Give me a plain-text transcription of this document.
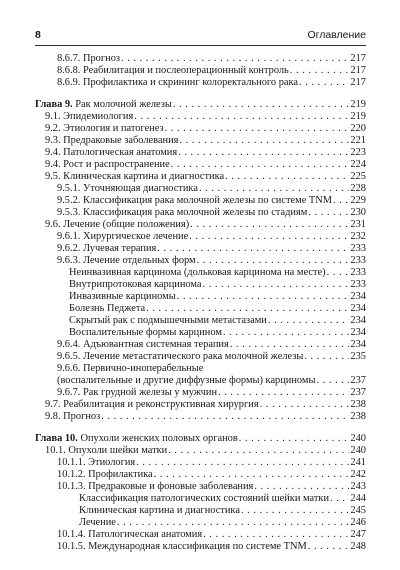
8	Оглавление
8.6.7. Прогноз . . .	217
8.6.8. Реабилитация и послеоперационный контроль . . .	217
8.6.9. Профилактика и скрининг колоректального рака . . .	217
Глава 9. Рак молочной железы . . .	219
9.1. Эпидемиология . . .	219
9.2. Этиология и патогенез . . .	220
9.3. Предраковые заболевания . . .	221
9.4. Патологическая анатомия . . .	223
9.4. Рост и распространение . . .	224
9.5. Клиническая картина и диагностика . . .	225
9.5.1. Уточняющая диагностика . . .	228
9.5.2. Классификация рака молочной железы по системе TNM . . . 229
9.5.3. Классификация рака молочной железы по стадиям . . .	230
9.6. Лечение (общие положения) . . .	231
9.6.1. Хирургическое лечение . . .	232
9.6.2. Лучевая терапия . . .	233
9.6.3. Лечение отдельных форм . . .	233
Неинвазивная карцинома (дольковая карцинома на месте) . . . 233
Внутрипротоковая карцинома . . .	233
Инвазивные карциномы . . .	234
Болезнь Педжета . . .	234
Скрытый рак с подмышечными метастазами . . .	234
Воспалительные формы карцином . . .	234
9.6.4. Адъювантная системная терапия . . .	234
9.6.5. Лечение метастатического рака молочной железы . . .	235
9.6.6. Первично-иноперабельные
(воспалительные и другие диффузные формы) карциномы . . .	237
9.6.7. Рак грудной железы у мужчин . . .	237
9.7. Реабилитация и реконструктивная хирургия . . .	238
9.8. Прогноз . . .	238
Глава 10. Опухоли женских половых органов . . .	240
10.1. Опухоли шейки матки . . .	240
10.1.1. Этиология . . .	241
10.1.2. Профилактика . . .	242
10.1.3. Предраковые и фоновые заболевания . . .	243
Классификация патологических состояний шейки матки . . . 244
Клиническая картина и диагностика . . .	245
Лечение . . .	246
10.1.4. Патологическая анатомия . . .	247
10.1.5. Международная классификация по системе TNM . . .	248
